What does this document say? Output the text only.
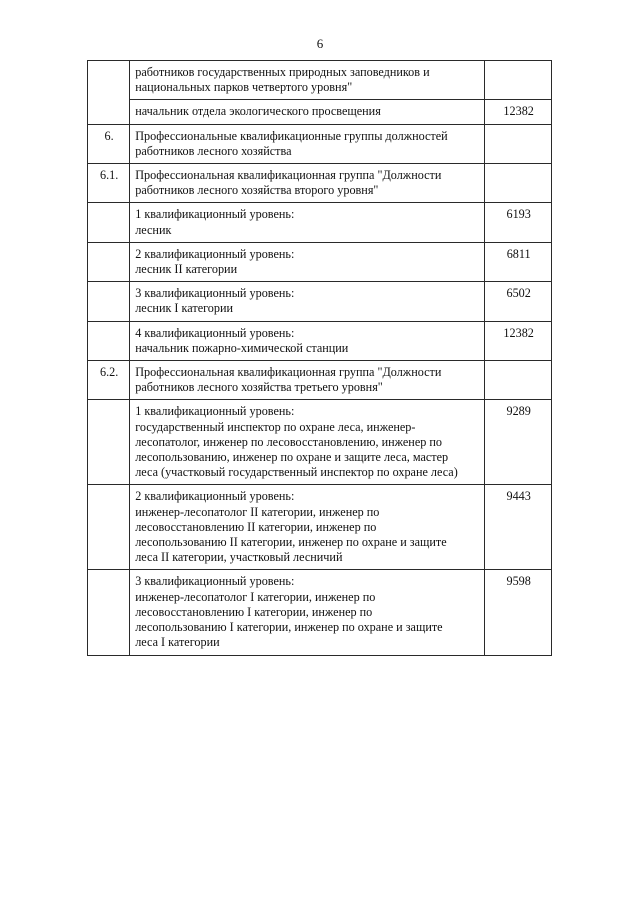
6

	работников государственных природных заповедников и
национальных парков четвертого уровня"	

	начальник отдела экологического просвещения	12382
6.	Профессиональные квалификационные группы должностей
работников лесного хозяйства	

6.1.	Профессиональная квалификационная группа "Должности
работников лесного хозяйства второго уровня"	

	1 квалификационный уровень:
лесник	6193

	2 квалификационный уровень:
лесник II категории	6811

	3 квалификационный уровень:
лесник I категории	6502

	4 квалификационный уровень:
начальник пожарно-химической станции	12382
6.2.	Профессиональная квалификационная группа "Должности
работников лесного хозяйства третьего уровня"	

	1 квалификационный уровень:
государственный инспектор по охране леса, инженер-
лесопатолог, инженер по лесовосстановлению, инженер по
лесопользованию, инженер по охране и защите леса, мастер
леса (участковый государственный инспектор по охране леса)	9289

	2 квалификационный уровень:
инженер-лесопатолог II категории, инженер по
лесовосстановлению II категории, инженер по
лесопользованию II категории, инженер по охране и защите
леса II категории, участковый лесничий	9443

	3 квалификационный уровень:
инженер-лесопатолог I категории, инженер по
лесовосстановлению I категории, инженер по
лесопользованию I категории, инженер по охране и защите
леса I категории	9598
